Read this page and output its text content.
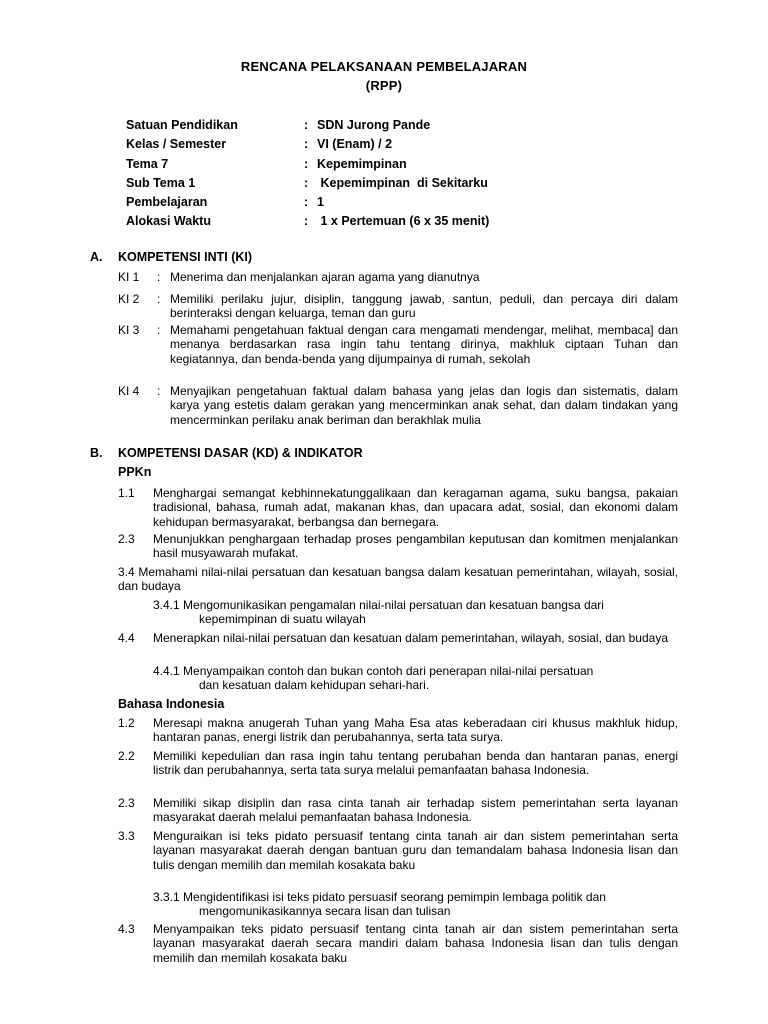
RENCANA PELAKSANAAN PEMBELAJARAN
(RPP)
Satuan Pendidikan	: SDN Jurong Pande
Kelas / Semester	: VI (Enam) / 2
Tema 7	: Kepemimpinan
Sub Tema 1	: Kepemimpinan  di Sekitarku
Pembelajaran	: 1
Alokasi Waktu	: 1 x Pertemuan (6 x 35 menit)
A. KOMPETENSI INTI (KI)
KI 1 : Menerima dan menjalankan ajaran agama yang dianutnya
KI 2 : Memiliki perilaku jujur, disiplin, tanggung jawab, santun, peduli, dan percaya diri dalam berinteraksi dengan keluarga, teman dan guru
KI 3 : Memahami pengetahuan faktual dengan cara mengamati mendengar, melihat, membaca] dan menanya berdasarkan rasa ingin tahu tentang dirinya, makhluk ciptaan Tuhan dan kegiatannya, dan benda-benda yang dijumpainya di rumah, sekolah
KI 4 : Menyajikan pengetahuan faktual dalam bahasa yang jelas dan logis dan sistematis, dalam karya yang estetis dalam gerakan yang mencerminkan anak sehat, dan dalam tindakan yang mencerminkan perilaku anak beriman dan berakhlak mulia
B. KOMPETENSI DASAR (KD) & INDIKATOR
PPKn
1.1 Menghargai semangat kebhinnekatunggalikaan dan keragaman agama, suku bangsa, pakaian tradisional, bahasa, rumah adat, makanan khas, dan upacara adat, sosial, dan ekonomi dalam kehidupan bermasyarakat, berbangsa dan bernegara.
2.3 Menunjukkan penghargaan terhadap proses pengambilan keputusan dan komitmen menjalankan hasil musyawarah mufakat.
3.4 Memahami nilai-nilai persatuan dan kesatuan bangsa dalam kesatuan pemerintahan, wilayah, sosial, dan budaya
3.4.1 Mengomunikasikan pengamalan nilai-nilai persatuan dan kesatuan bangsa dari
kepemimpinan di suatu wilayah
4.4 Menerapkan nilai-nilai persatuan dan kesatuan dalam pemerintahan, wilayah, sosial, dan budaya
4.4.1 Menyampaikan contoh dan bukan contoh dari penerapan nilai-nilai persatuan
dan kesatuan dalam kehidupan sehari-hari.
Bahasa Indonesia
1.2 Meresapi makna anugerah Tuhan yang Maha Esa atas keberadaan ciri khusus makhluk hidup, hantaran panas, energi listrik dan perubahannya, serta tata surya.
2.2 Memiliki kepedulian dan rasa ingin tahu tentang perubahan benda dan hantaran panas, energi listrik dan perubahannya, serta tata surya melalui pemanfaatan bahasa Indonesia.
2.3 Memiliki sikap disiplin dan rasa cinta tanah air terhadap sistem pemerintahan serta layanan masyarakat daerah melalui pemanfaatan bahasa Indonesia.
3.3 Menguraikan isi teks pidato persuasif tentang cinta tanah air dan sistem pemerintahan serta layanan masyarakat daerah dengan bantuan guru dan temandalam bahasa Indonesia lisan dan tulis dengan memilih dan memilah kosakata baku
3.3.1 Mengidentifikasi isi teks pidato persuasif seorang pemimpin lembaga politik dan
mengomunikasikannya secara lisan dan tulisan
4.3 Menyampaikan teks pidato persuasif tentang cinta tanah air dan sistem pemerintahan serta layanan masyarakat daerah secara mandiri dalam bahasa Indonesia lisan dan tulis dengan memilih dan memilah kosakata baku
